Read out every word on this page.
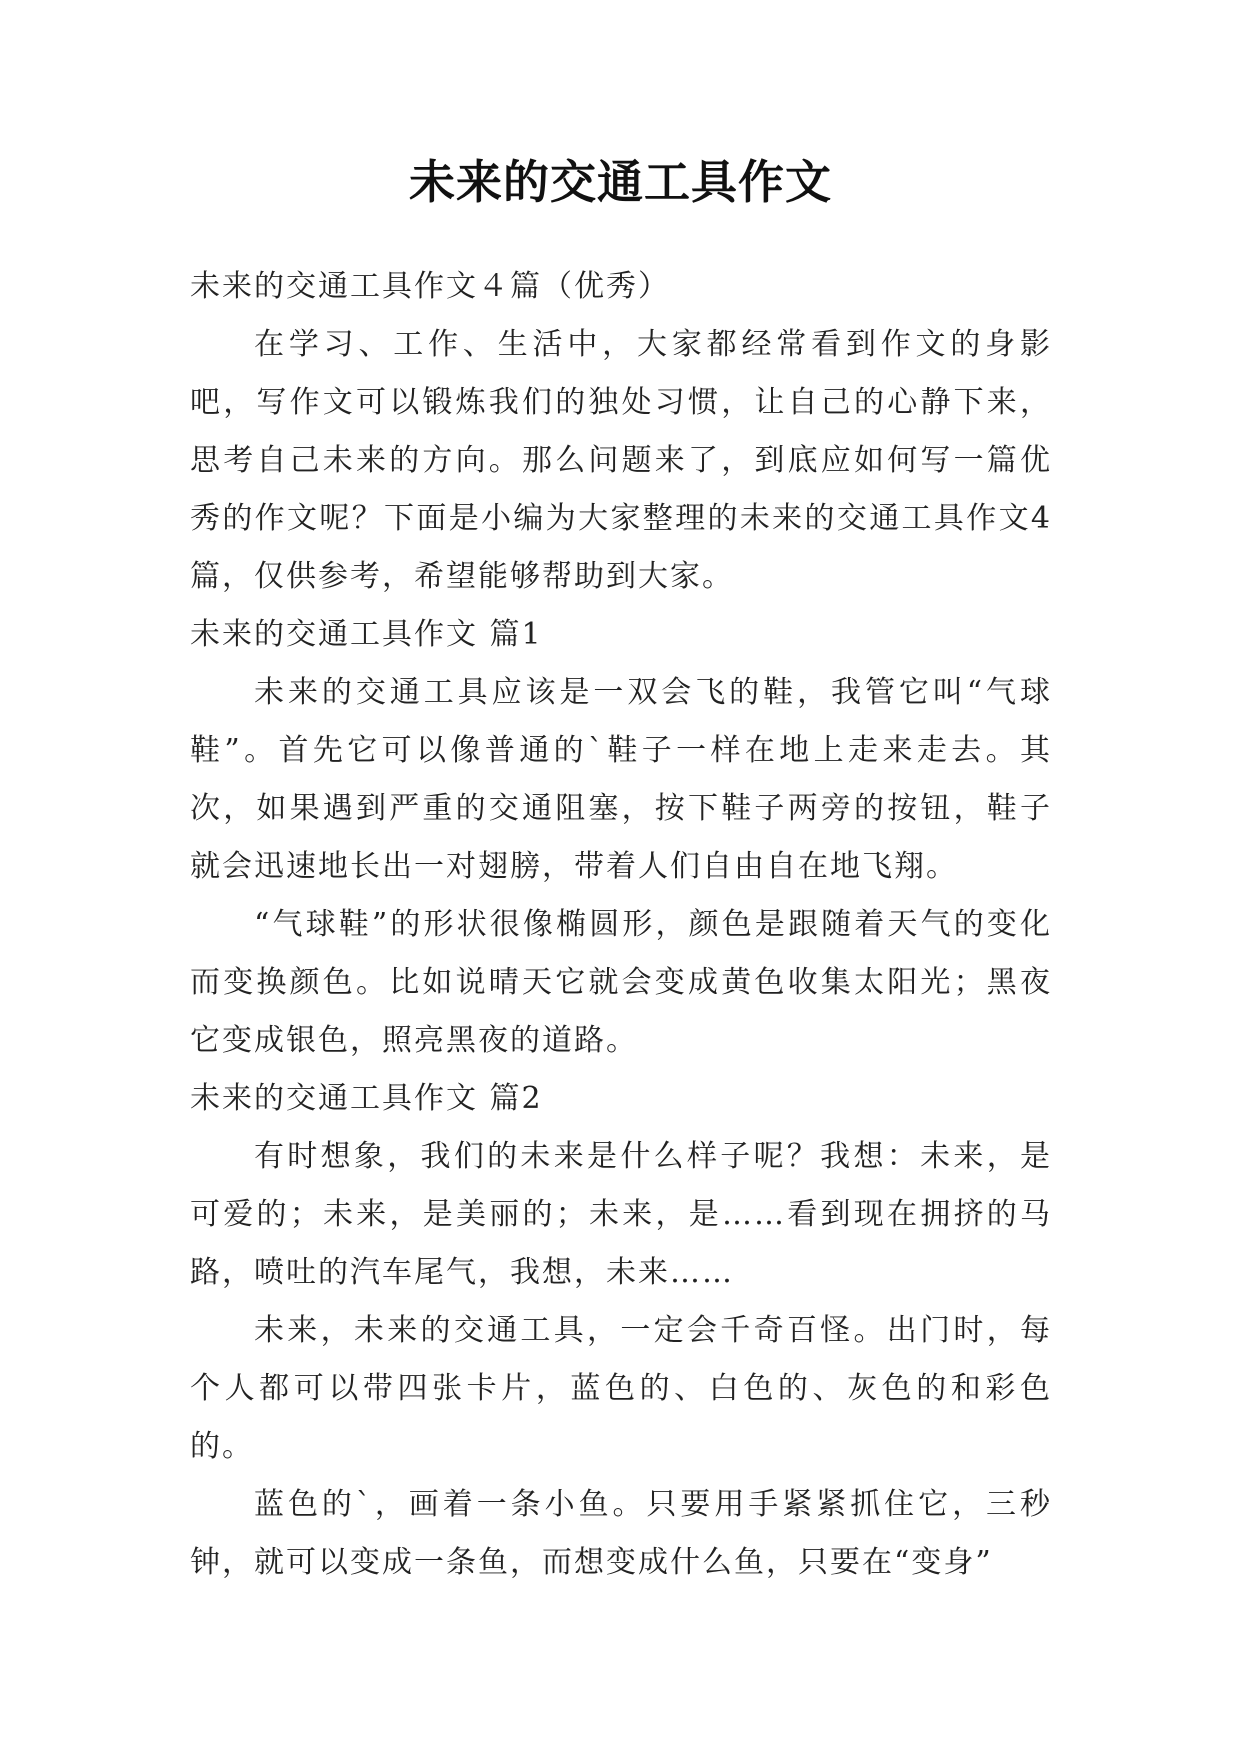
未来的交通工具作文

未来的交通工具作文４篇（优秀）

在学习、工作、生活中，大家都经常看到作文的身影吧，写作文可以锻炼我们的独处习惯，让自己的心静下来，思考自己未来的方向。那么问题来了，到底应如何写一篇优秀的作文呢？下面是小编为大家整理的未来的交通工具作文4篇，仅供参考，希望能够帮助到大家。

未来的交通工具作文 篇1

未来的交通工具应该是一双会飞的鞋，我管它叫“气球鞋”。首先它可以像普通的`鞋子一样在地上走来走去。其次，如果遇到严重的交通阻塞，按下鞋子两旁的按钮，鞋子就会迅速地长出一对翅膀，带着人们自由自在地飞翔。

“气球鞋”的形状很像椭圆形，颜色是跟随着天气的变化而变换颜色。比如说晴天它就会变成黄色收集太阳光；黑夜它变成银色，照亮黑夜的道路。

未来的交通工具作文 篇2

有时想象，我们的未来是什么样子呢？我想：未来，是可爱的；未来，是美丽的；未来，是……看到现在拥挤的马路，喷吐的汽车尾气，我想，未来……

未来，未来的交通工具，一定会千奇百怪。出门时，每个人都可以带四张卡片，蓝色的、白色的、灰色的和彩色的。

蓝色的`，画着一条小鱼。只要用手紧紧抓住它，三秒钟，就可以变成一条鱼，而想变成什么鱼，只要在“变身”
